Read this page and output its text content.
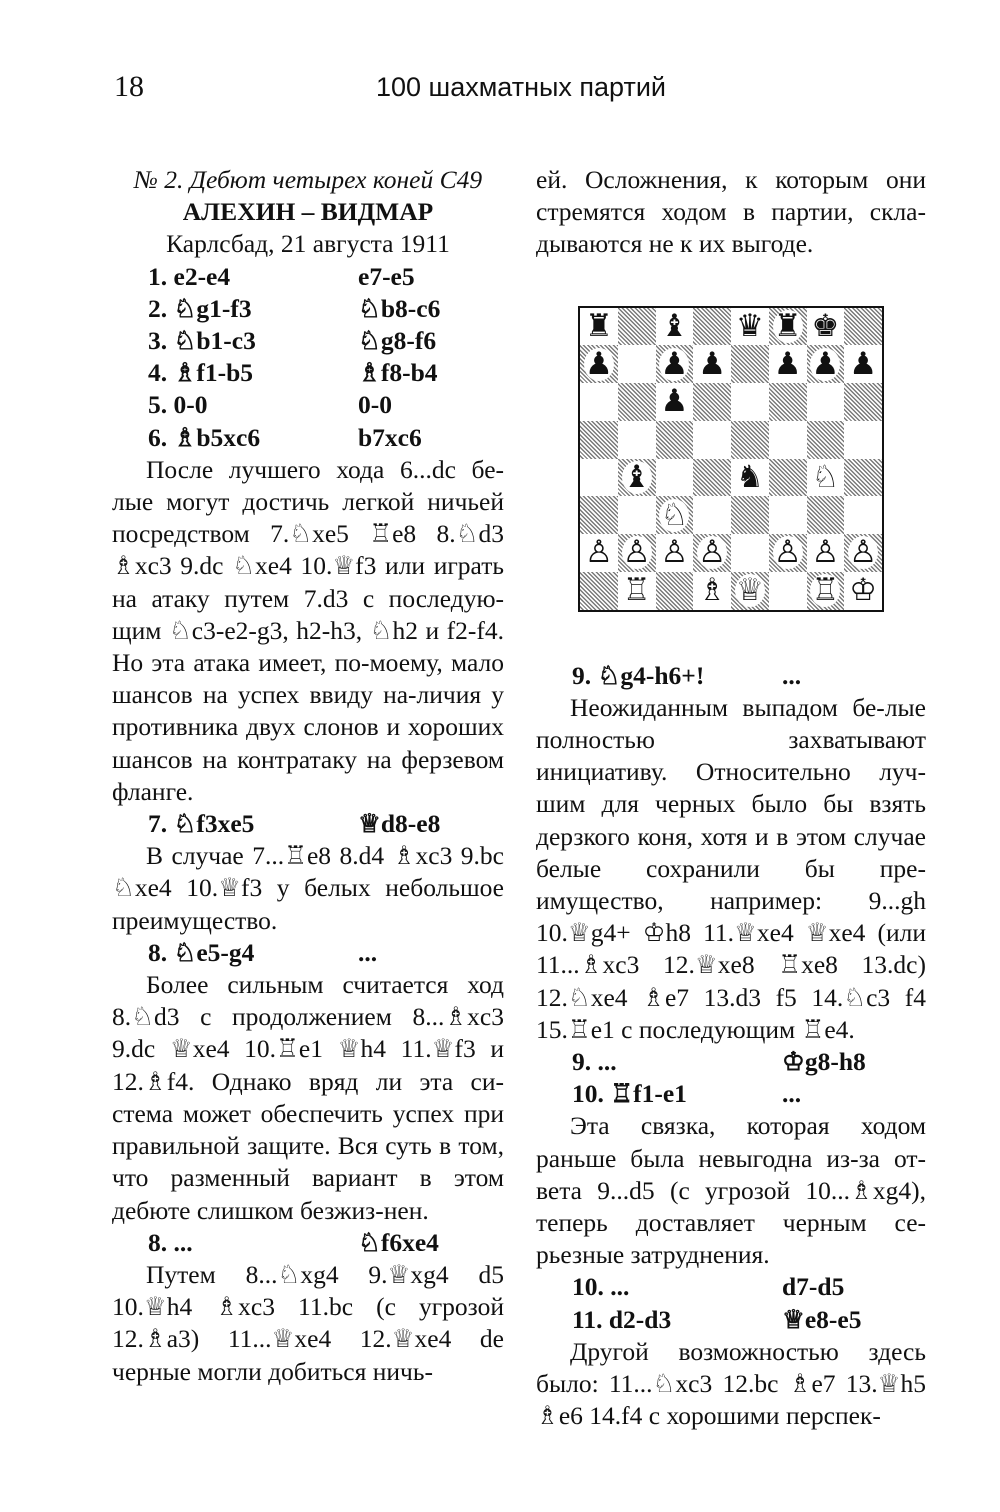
18	100 шахматных партий
№ 2. Дебют четырех коней С49
АЛЕХИН – ВИДМАР
Карлсбад, 21 августа 1911
1. e2-e4	e7-e5
2. ♘g1-f3	♘b8-c6
3. ♘b1-c3	♘g8-f6
4. ♗f1-b5	♗f8-b4
5. 0-0	0-0
6. ♗b5xc6	b7xc6

После лучшего хода 6...dc бе-лые могут достичь легкой ничьей посредством 7.♘xe5 ♖e8 8.♘d3 ♗xc3 9.dc ♘xe4 10.♕f3 или играть на атаку путем 7.d3 с последую-щим ♘c3-e2-g3, h2-h3, ♘h2 и f2-f4. Но эта атака имеет, по-моему, мало шансов на успех ввиду на-личия у противника двух слонов и хороших шансов на контратаку на ферзевом фланге.

7. ♘f3xe5	♕d8-e8

В случае 7...♖e8 8.d4 ♗xc3 9.bc ♘xe4 10.♕f3 у белых небольшое преимущество.

8. ♘e5-g4	...

Более сильным считается ход 8.♘d3 с продолжением 8...♗xc3 9.dc ♕xe4 10.♖e1 ♕h4 11.♕f3 и 12.♗f4. Однако вряд ли эта си-стема может обеспечить успех при правильной защите. Вся суть в том, что разменный вариант в этом дебюте слишком безжиз-нен.

8. ...	♘f6xe4

Путем 8...♘xg4 9.♕xg4 d5 10.♕h4 ♗xc3 11.bc (с угрозой 12.♗a3) 11...♕xe4 12.♕xe4 de черные могли добиться ничь-

ей. Осложнения, к которым они стремятся ходом в партии, скла-дываются не к их выгоде.

♜ ♝ ♛ ♜ ♚
♟ ♟ ♟ ♟ ♟ ♟
♟
♝	♞ ♘
♘
♙ ♙ ♙ ♙ ♙ ♙ ♙
♖ ♗ ♕ ♖ ♔
9. ♘g4-h6+!	...

Неожиданным выпадом бе-лые полностью захватывают инициативу. Относительно луч-шим для черных было бы взять дерзкого коня, хотя и в этом случае белые сохранили бы пре-имущество, например: 9...gh 10.♕g4+ ♔h8 11.♕xe4 ♕xe4 (или 11...♗xc3 12.♕xe8 ♖xe8 13.dc) 12.♘xe4 ♗e7 13.d3 f5 14.♘c3 f4 15.♖e1 с последующим ♖e4.

9. ...	♔g8-h8
10. ♖f1-e1	...

Эта связка, которая ходом раньше была невыгодна из-за от-вета 9...d5 (с угрозой 10...♗xg4), теперь доставляет черным се-рьезные затруднения.

10. ...	d7-d5
11. d2-d3	♕e8-e5

Другой возможностью здесь было: 11...♘xc3 12.bc ♗e7 13.♕h5 ♗e6 14.f4 с хорошими перспек-
